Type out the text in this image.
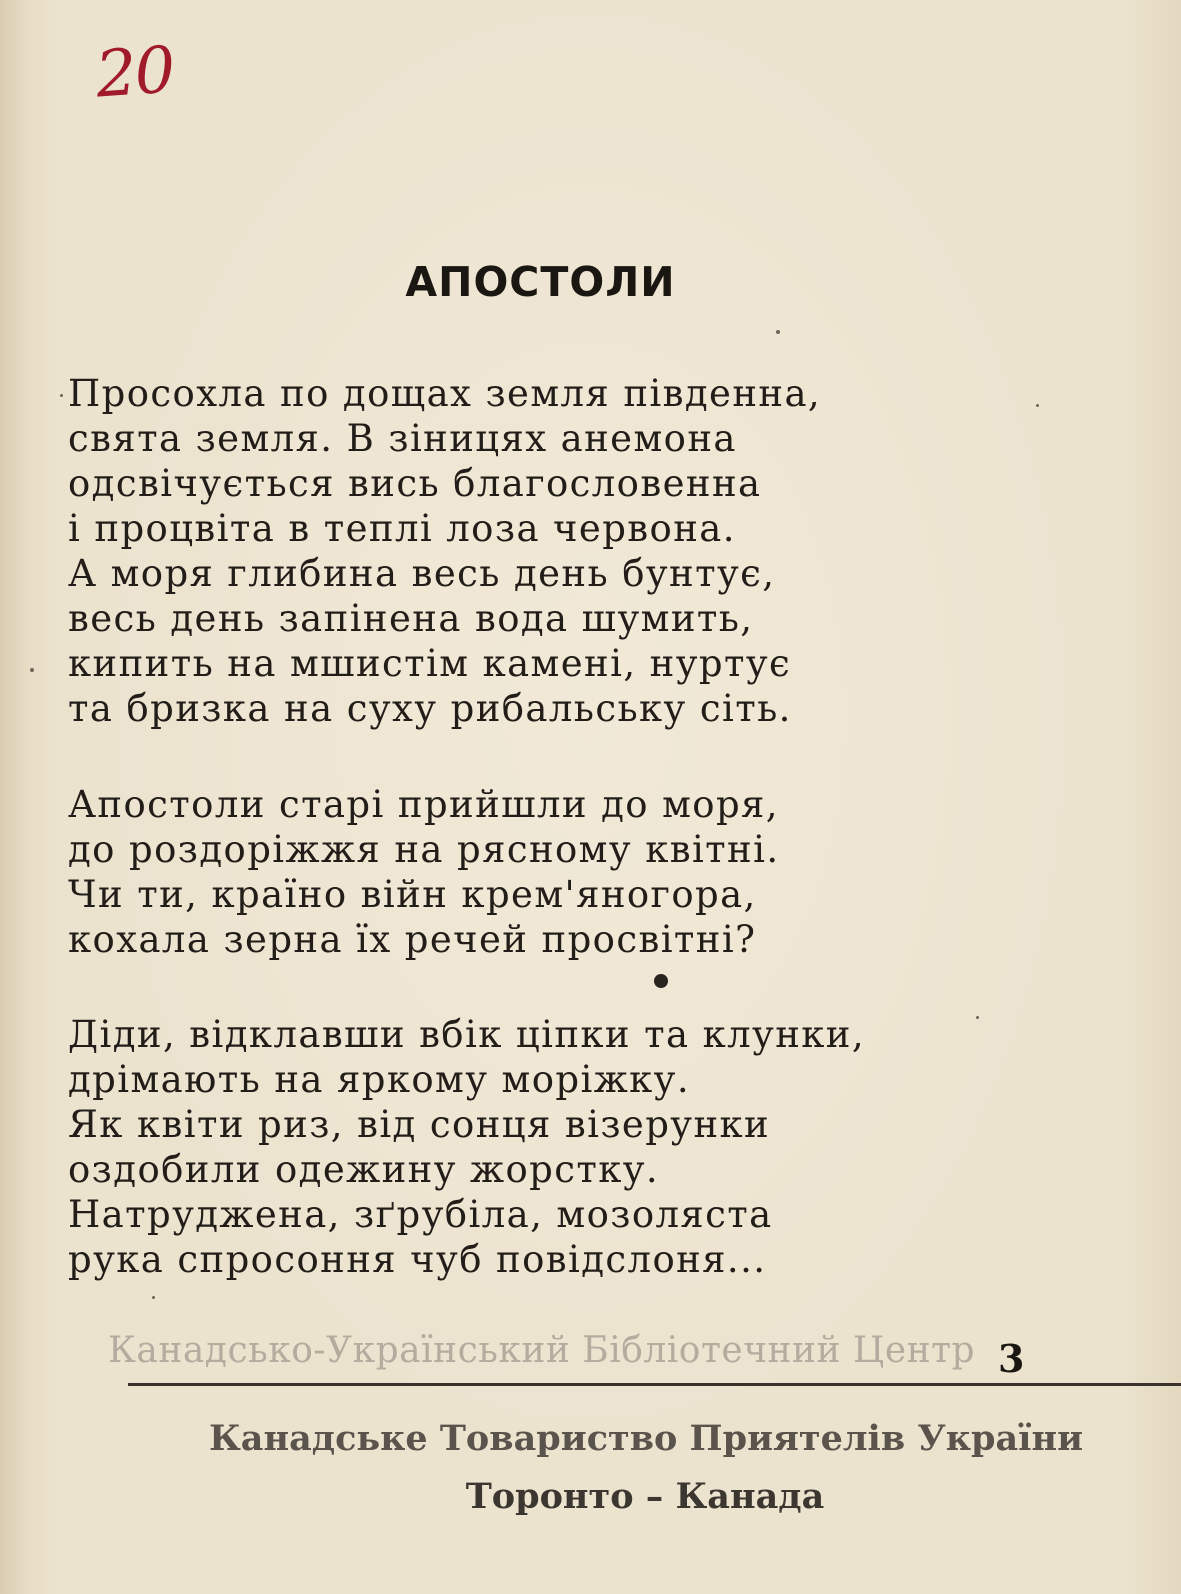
20
АПОСТОЛИ
Просохла по дощах земля південна,
свята земля. В зіницях анемона
одсвічується вись благословенна
і процвіта в теплі лоза червона.
А моря глибина весь день бунтує,
весь день запінена вода шумить,
кипить на мшистім камені, нуртує
та бризка на суху рибальську сіть.
Апостоли старі прийшли до моря,
до роздоріжжя на рясному квітні.
Чи ти, країно війн крем'яногора,
кохала зерна їх речей просвітні?
Діди, відклавши вбік ціпки та клунки,
дрімають на яркому моріжку.
Як квіти риз, від сонця візерунки
оздобили одежину жорстку.
Натруджена, зґрубіла, мозоляста
рука спросоння чуб повідслоня...
Канадсько-Український Бібліотечний Центр 3
Канадське Товариство Приятелів України
Торонто – Канада
